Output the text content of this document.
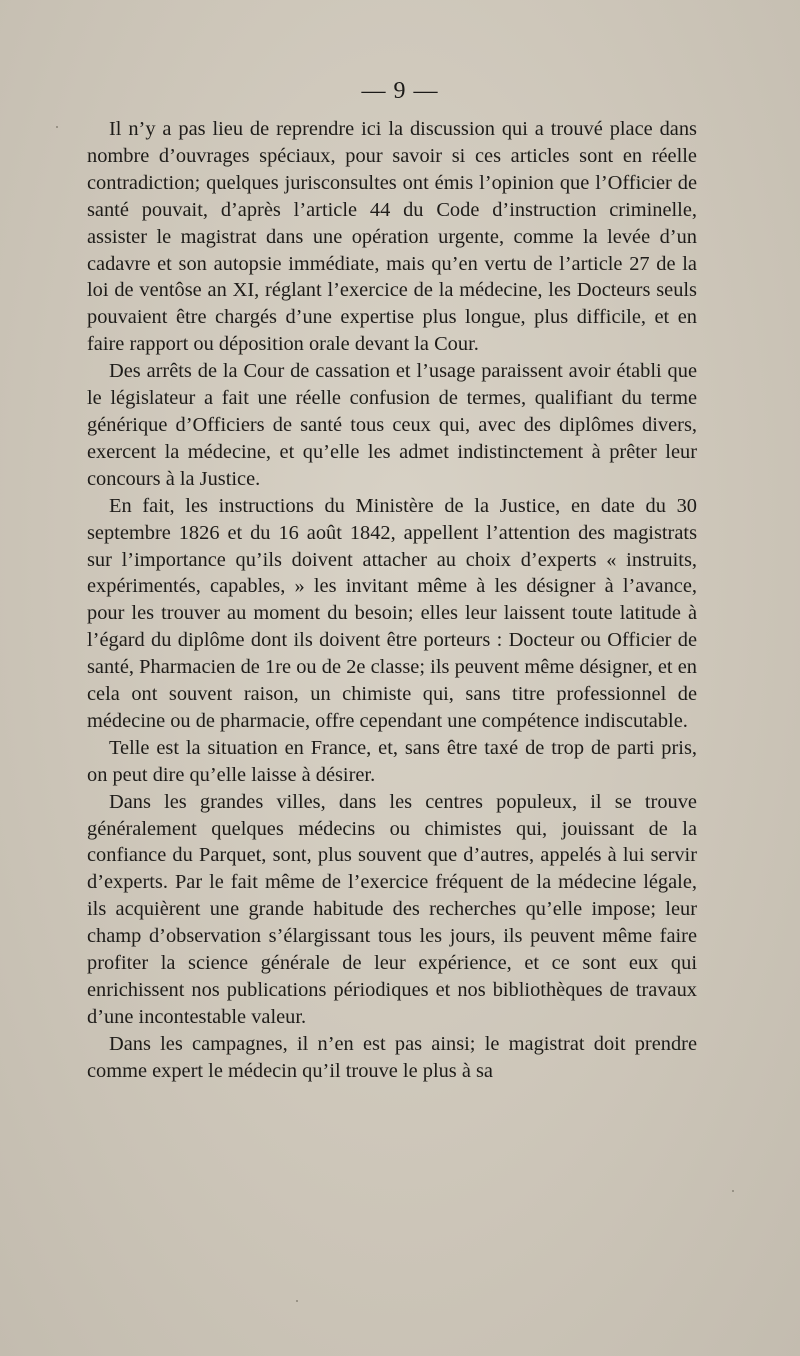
— 9 —

Il n’y a pas lieu de reprendre ici la discussion qui a trouvé place dans nombre d’ouvrages spéciaux, pour savoir si ces articles sont en réelle contradiction; quelques jurisconsultes ont émis l’opinion que l’Officier de santé pouvait, d’après l’article 44 du Code d’instruction criminelle, assister le magistrat dans une opération urgente, comme la levée d’un cadavre et son autopsie immédiate, mais qu’en vertu de l’article 27 de la loi de ventôse an XI, réglant l’exercice de la médecine, les Docteurs seuls pouvaient être chargés d’une expertise plus longue, plus difficile, et en faire rapport ou déposition orale devant la Cour.

Des arrêts de la Cour de cassation et l’usage paraissent avoir établi que le législateur a fait une réelle confusion de termes, qualifiant du terme générique d’Officiers de santé tous ceux qui, avec des diplômes divers, exercent la médecine, et qu’elle les admet indistinctement à prêter leur concours à la Justice.

En fait, les instructions du Ministère de la Justice, en date du 30 septembre 1826 et du 16 août 1842, appellent l’attention des magistrats sur l’importance qu’ils doivent attacher au choix d’experts « instruits, expérimentés, capables, » les invitant même à les désigner à l’avance, pour les trouver au moment du besoin; elles leur laissent toute latitude à l’égard du diplôme dont ils doivent être porteurs : Docteur ou Officier de santé, Pharmacien de 1re ou de 2e classe; ils peuvent même désigner, et en cela ont souvent raison, un chimiste qui, sans titre professionnel de médecine ou de pharmacie, offre cependant une compétence indiscutable.

Telle est la situation en France, et, sans être taxé de trop de parti pris, on peut dire qu’elle laisse à désirer.

Dans les grandes villes, dans les centres populeux, il se trouve généralement quelques médecins ou chimistes qui, jouissant de la confiance du Parquet, sont, plus souvent que d’autres, appelés à lui servir d’experts. Par le fait même de l’exercice fréquent de la médecine légale, ils acquièrent une grande habitude des recherches qu’elle impose; leur champ d’observation s’élargissant tous les jours, ils peuvent même faire profiter la science générale de leur expérience, et ce sont eux qui enrichissent nos publications périodiques et nos bibliothèques de travaux d’une incontestable valeur.

Dans les campagnes, il n’en est pas ainsi; le magistrat doit prendre comme expert le médecin qu’il trouve le plus à sa
